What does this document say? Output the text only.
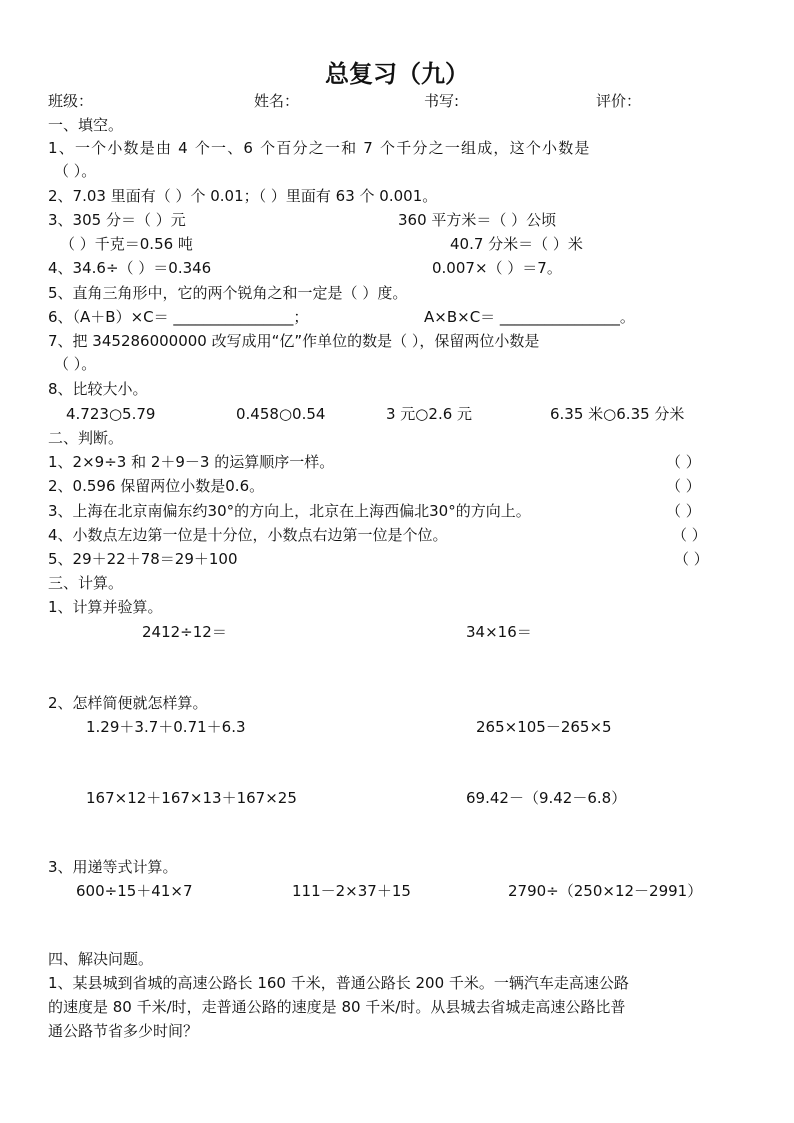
总复习（九）
班级：	姓名：	书写:	评价：
一、填空。
1、一个小数是由 4 个一、6 个百分之一和 7 个千分之一组成，这个小数是
（ ）。
2、7.03 里面有（ ）个 0.01；（ ）里面有 63 个 0.001。
3、305 分＝（ ）元	360 平方米＝（ ）公顷
（ ）千克＝0.56 吨	40.7 分米＝（ ）米
4、34.6÷（ ）＝0.346	0.007×（ ）＝7。
5、直角三角形中，它的两个锐角之和一定是（ ）度。
6、（A＋B）×C＝ ________________；	A×B×C＝ ________________。
7、把 345286000000 改写成用“亿”作单位的数是（ ），保留两位小数是
（ ）。
8、比较大小。
4.723○5.79	0.458○0.54	3 元○2.6 元	6.35 米○6.35 分米
二、判断。
1、2×9÷3 和 2＋9－3 的运算顺序一样。	（ ）
2、0.596 保留两位小数是0.6。	（ ）
3、上海在北京南偏东约30°的方向上，北京在上海西偏北30°的方向上。	（ ）
4、小数点左边第一位是十分位，小数点右边第一位是个位。	（ ）
5、29＋22＋78＝29＋100	（ ）
三、计算。
1、计算并验算。
2412÷12＝	34×16＝
2、怎样简便就怎样算。
1.29＋3.7＋0.71＋6.3	265×105－265×5
167×12＋167×13＋167×25	69.42－（9.42－6.8）
3、用递等式计算。
600÷15＋41×7	111－2×37＋15	2790÷（250×12－2991）
四、解决问题。
1、某县城到省城的高速公路长 160 千米，普通公路长 200 千米。一辆汽车走高速公路
的速度是 80 千米/时，走普通公路的速度是 80 千米/时。从县城去省城走高速公路比普
通公路节省多少时间？
